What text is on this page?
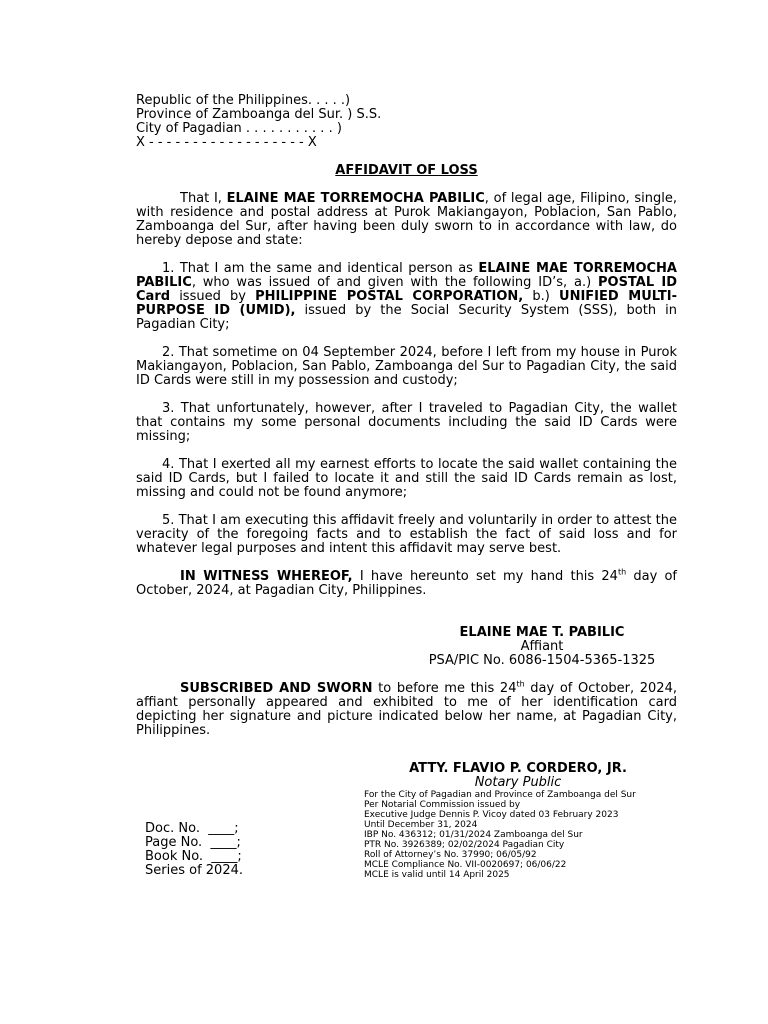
Republic of the Philippines. . . . .)
Province of Zamboanga del Sur. ) S.S.
City of Pagadian . . . . . . . . . . . )
X - - - - - - - - - - - - - - - - - - X
AFFIDAVIT OF LOSS
That I, ELAINE MAE TORREMOCHA PABILIC, of legal age, Filipino, single, with residence and postal address at Purok Makiangayon, Poblacion, San Pablo, Zamboanga del Sur, after having been duly sworn to in accordance with law, do hereby depose and state:
1. That I am the same and identical person as ELAINE MAE TORREMOCHA PABILIC, who was issued of and given with the following ID’s, a.) POSTAL ID Card issued by PHILIPPINE POSTAL CORPORATION, b.) UNIFIED MULTI-PURPOSE ID (UMID), issued by the Social Security System (SSS), both in Pagadian City;
2. That sometime on 04 September 2024, before I left from my house in Purok Makiangayon, Poblacion, San Pablo, Zamboanga del Sur to Pagadian City, the said ID Cards were still in my possession and custody;
3. That unfortunately, however, after I traveled to Pagadian City, the wallet that contains my some personal documents including the said ID Cards were missing;
4. That I exerted all my earnest efforts to locate the said wallet containing the said ID Cards, but I failed to locate it and still the said ID Cards remain as lost, missing and could not be found anymore;
5. That I am executing this affidavit freely and voluntarily in order to attest the veracity of the foregoing facts and to establish the fact of said loss and for whatever legal purposes and intent this affidavit may serve best.
IN WITNESS WHEREOF, I have hereunto set my hand this 24th day of October, 2024, at Pagadian City, Philippines.
ELAINE MAE T. PABILIC
Affiant
PSA/PIC No. 6086-1504-5365-1325
SUBSCRIBED AND SWORN to before me this 24th day of October, 2024, affiant personally appeared and exhibited to me of her identification card depicting her signature and picture indicated below her name, at Pagadian City, Philippines.
ATTY. FLAVIO P. CORDERO, JR.
Notary Public
For the City of Pagadian and Province of Zamboanga del Sur
Per Notarial Commission issued by
Executive Judge Dennis P. Vicoy dated 03 February 2023
Until December 31, 2024
IBP No. 436312; 01/31/2024 Zamboanga del Sur
PTR No. 3926389; 02/02/2024 Pagadian City
Roll of Attorney’s No. 37990; 06/05/92
MCLE Compliance No. VII-0020697; 06/06/22
MCLE is valid until 14 April 2025
Doc. No.  ____;
Page No.  ____;
Book No.  ____;
Series of 2024.
